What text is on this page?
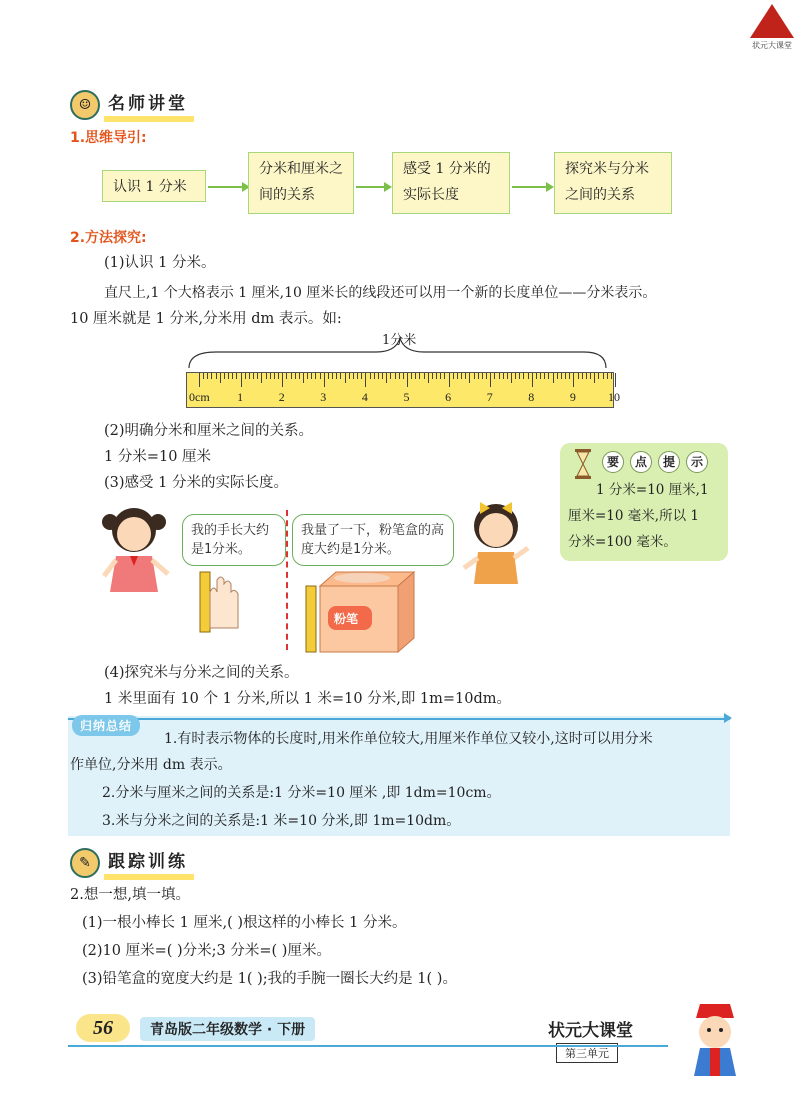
状元大课堂
☺ 名师讲堂
1.思维导引:
认识 1 分米
分米和厘米之间的关系
感受 1 分米的实际长度
探究米与分米之间的关系
2.方法探究:
(1)认识 1 分米。
直尺上,1 个大格表示 1 厘米,10 厘米长的线段还可以用一个新的长度单位——分米表示。
10 厘米就是 1 分米,分米用 dm 表示。如:
1分米
0cm 1	2	3	4	5	6	7	8	9	10
(2)明确分米和厘米之间的关系。
1 分米=10 厘米
(3)感受 1 分米的实际长度。
要	点	提	示
1 分米=10 厘米,1
厘米=10 毫米,所以 1
分米=100 毫米。
我的手长大约是1分米。
我量了一下，粉笔盒的高度大约是1分米。
粉笔
(4)探究米与分米之间的关系。
1 米里面有 10 个 1 分米,所以 1 米=10 分米,即 1m=10dm。
1.有时表示物体的长度时,用米作单位较大,用厘米作单位又较小,这时可以用分米
作单位,分米用 dm 表示。
2.分米与厘米之间的关系是:1 分米=10 厘米 ,即 1dm=10cm。
3.米与分米之间的关系是:1 米=10 分米,即 1m=10dm。
归纳总结
✎	跟踪训练
2.想一想,填一填。
(1)一根小棒长 1 厘米,( )根这样的小棒长 1 分米。
(2)10 厘米=( )分米;3 分米=( )厘米。
(3)铅笔盒的宽度大约是 1( );我的手腕一圈长大约是 1( )。
56	青岛版二年级数学 · 下册	状元大课堂
第三单元
